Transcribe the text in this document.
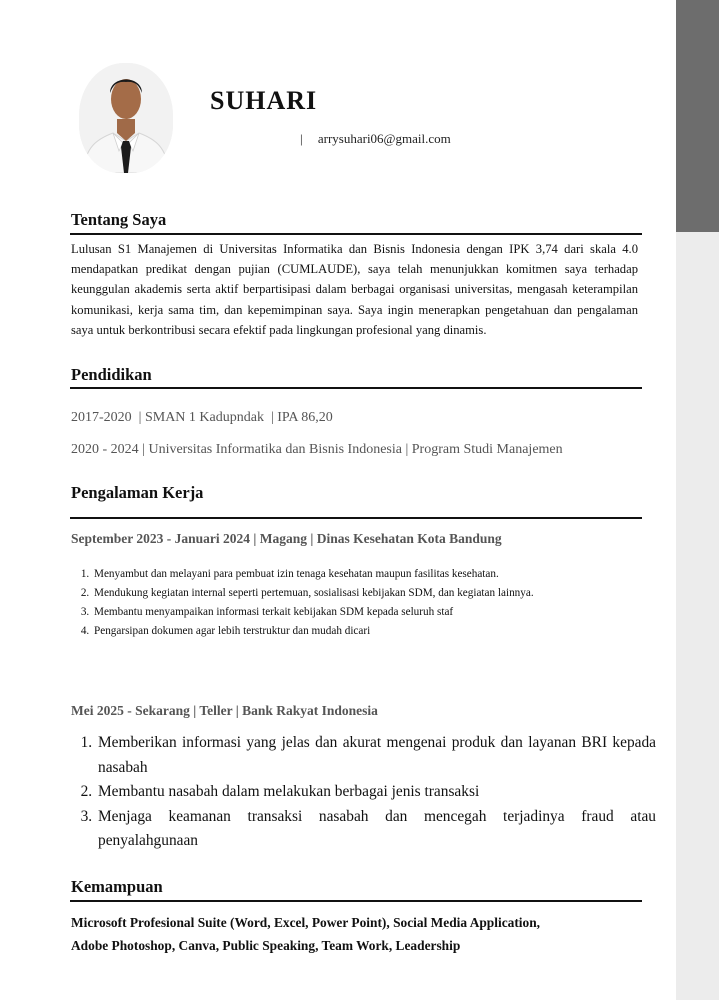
SUHARI
| arrysuhari06@gmail.com
Tentang Saya

Lulusan S1 Manajemen di Universitas Informatika dan Bisnis Indonesia dengan IPK 3,74 dari skala 4.0 mendapatkan predikat dengan pujian (CUMLAUDE), saya telah menunjukkan komitmen saya terhadap keunggulan akademis serta aktif berpartisipasi dalam berbagai organisasi universitas, mengasah keterampilan komunikasi, kerja sama tim, dan kepemimpinan saya. Saya ingin menerapkan pengetahuan dan pengalaman saya untuk berkontribusi secara efektif pada lingkungan profesional yang dinamis.

Pendidikan
2017-2020  | SMAN 1 Kadupndak  | IPA 86,20
2020 - 2024 | Universitas Informatika dan Bisnis Indonesia | Program Studi Manajemen
Pengalaman Kerja
September 2023 - Januari 2024 | Magang | Dinas Kesehatan Kota Bandung
1. Menyambut dan melayani para pembuat izin tenaga kesehatan maupun fasilitas kesehatan.
2. Mendukung kegiatan internal seperti pertemuan, sosialisasi kebijakan SDM, dan kegiatan lainnya.
3. Membantu menyampaikan informasi terkait kebijakan SDM kepada seluruh staf
4. Pengarsipan dokumen agar lebih terstruktur dan mudah dicari
Mei 2025 - Sekarang | Teller | Bank Rakyat Indonesia
1. Memberikan informasi yang jelas dan akurat mengenai produk dan layanan BRI kepada nasabah
2. Membantu nasabah dalam melakukan berbagai jenis transaksi
3. Menjaga keamanan transaksi nasabah dan mencegah terjadinya fraud atau penyalahgunaan
Kemampuan
Microsoft Profesional Suite (Word, Excel, Power Point), Social Media Application,
Adobe Photoshop, Canva, Public Speaking, Team Work, Leadership
